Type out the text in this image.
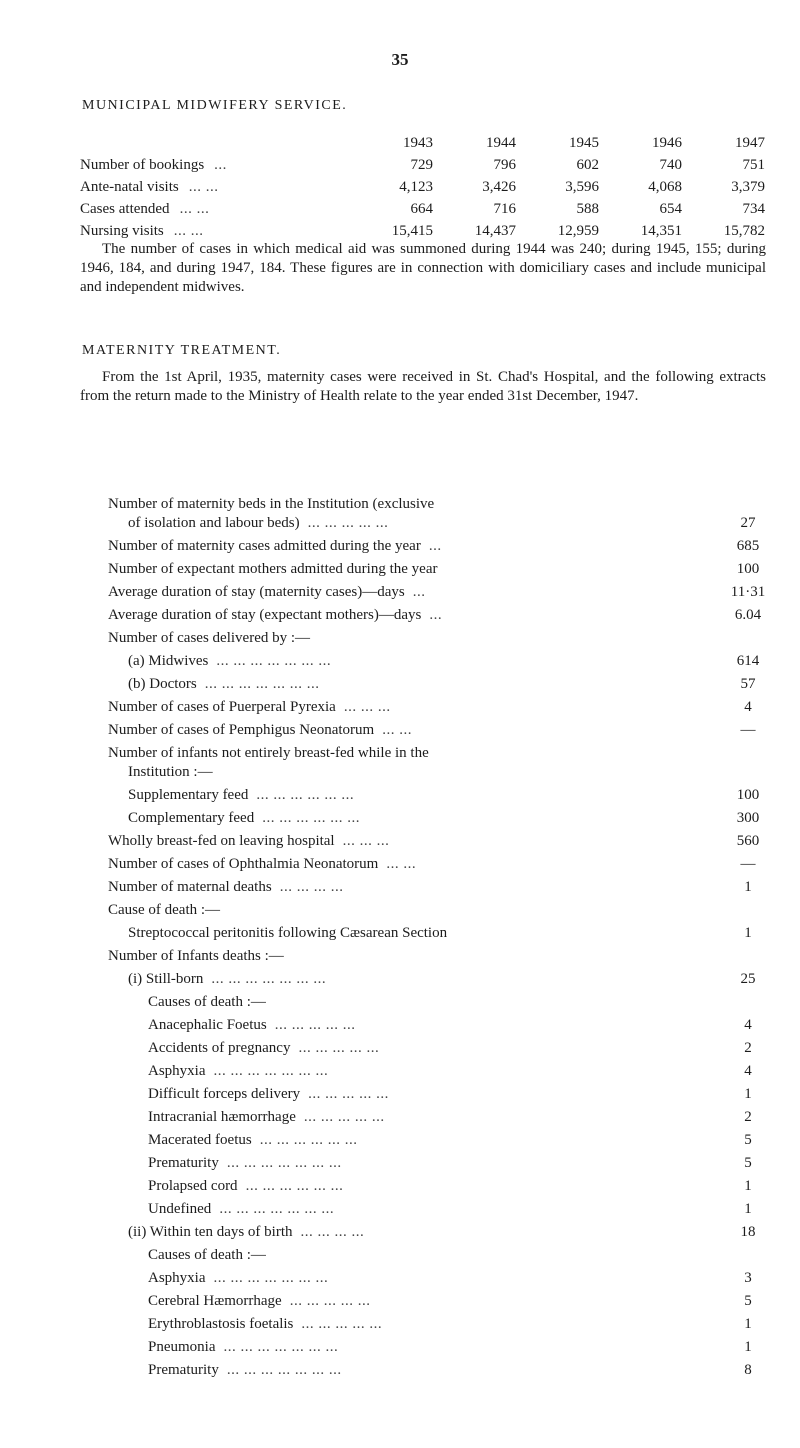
35
MUNICIPAL MIDWIFERY SERVICE.
1943	1944	1945	1946	1947
Number of bookings ...	729	796	602	740	751
Ante-natal visits ... ...	4,123	3,426	3,596	4,068	3,379
Cases attended ... ...	664	716	588	654	734
Nursing visits ... ...	15,415	14,437	12,959	14,351	15,782
The number of cases in which medical aid was summoned during 1944 was 240; during 1945, 155; during 1946, 184, and during 1947, 184. These figures are in connection with domiciliary cases and include municipal and independent midwives.
MATERNITY TREATMENT.
From the 1st April, 1935, maternity cases were received in St. Chad's Hospital, and the following extracts from the return made to the Ministry of Health relate to the year ended 31st December, 1947.
Number of maternity beds in the Institution (exclusive
of isolation and labour beds) ... ... ... ... ...	27
Number of maternity cases admitted during the year ...	685
Number of expectant mothers admitted during the year	100
Average duration of stay (maternity cases)—days ...	11·31
Average duration of stay (expectant mothers)—days ...	6.04
Number of cases delivered by :—
(a) Midwives ... ... ... ... ... ... ...	614
(b) Doctors ... ... ... ... ... ... ...	57
Number of cases of Puerperal Pyrexia ... ... ...	4
Number of cases of Pemphigus Neonatorum ... ...	—
Number of infants not entirely breast-fed while in the
Institution :—
Supplementary feed ... ... ... ... ... ...	100
Complementary feed ... ... ... ... ... ...	300
Wholly breast-fed on leaving hospital ... ... ...	560
Number of cases of Ophthalmia Neonatorum ... ...	—
Number of maternal deaths ... ... ... ...	1
Cause of death :—
Streptococcal peritonitis following Cæsarean Section	1
Number of Infants deaths :—
(i) Still-born ... ... ... ... ... ... ...	25
Causes of death :—
Anacephalic Foetus ... ... ... ... ...	4
Accidents of pregnancy ... ... ... ... ...	2
Asphyxia ... ... ... ... ... ... ...	4
Difficult forceps delivery ... ... ... ... ...	1
Intracranial hæmorrhage ... ... ... ... ...	2
Macerated foetus ... ... ... ... ... ...	5
Prematurity ... ... ... ... ... ... ...	5
Prolapsed cord ... ... ... ... ... ...	1
Undefined ... ... ... ... ... ... ...	1
(ii) Within ten days of birth ... ... ... ...	18
Causes of death :—
Asphyxia ... ... ... ... ... ... ...	3
Cerebral Hæmorrhage ... ... ... ... ...	5
Erythroblastosis foetalis ... ... ... ... ...	1
Pneumonia ... ... ... ... ... ... ...	1
Prematurity ... ... ... ... ... ... ...	8
